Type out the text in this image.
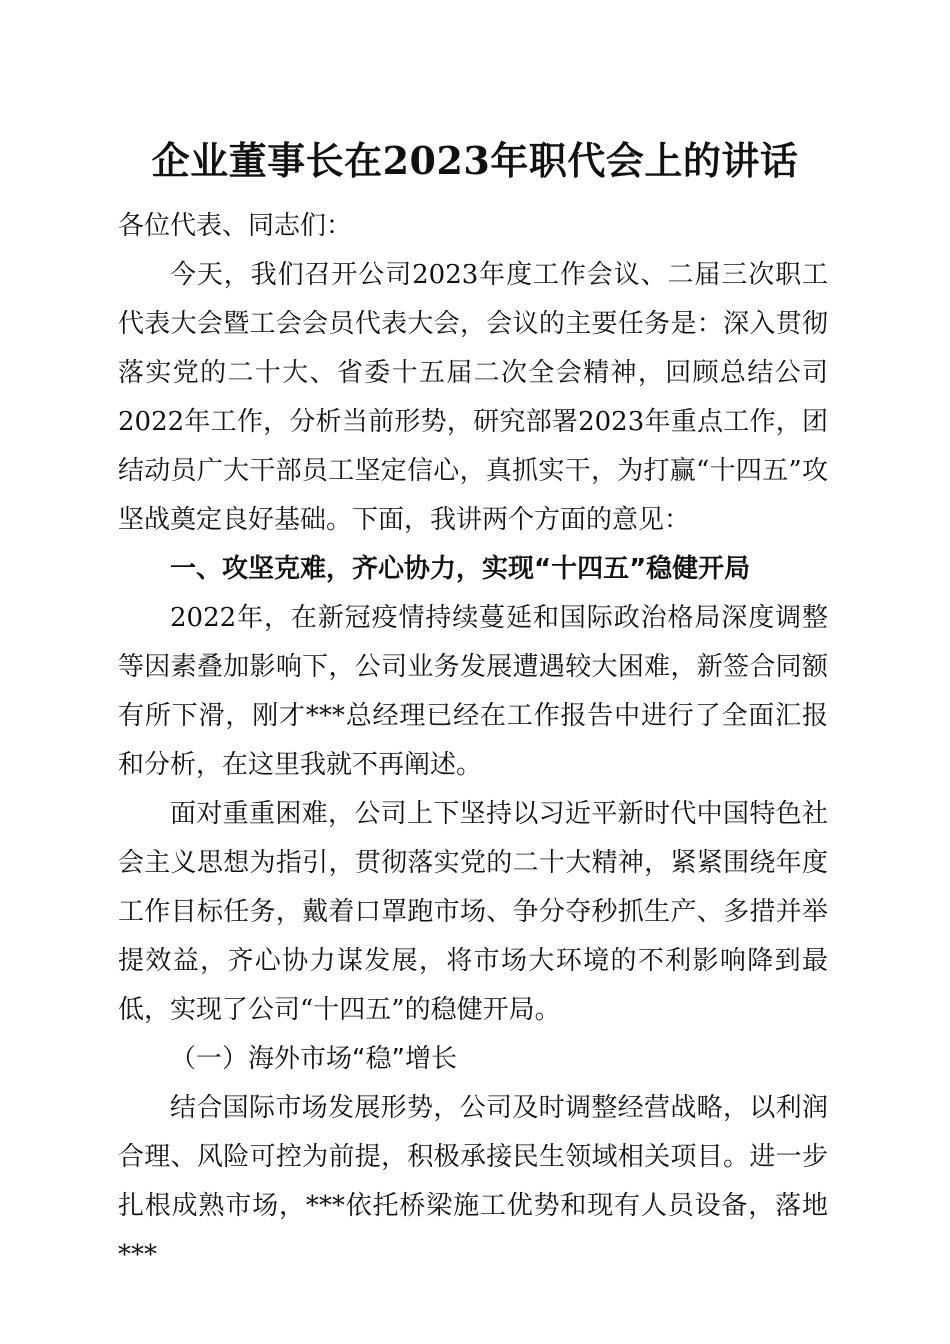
企业董事长在2023年职代会上的讲话

各位代表、同志们：

今天，我们召开公司2023年度工作会议、二届三次职工代表大会暨工会会员代表大会，会议的主要任务是：深入贯彻落实党的二十大、省委十五届二次全会精神，回顾总结公司2022年工作，分析当前形势，研究部署2023年重点工作，团结动员广大干部员工坚定信心，真抓实干，为打赢“十四五”攻坚战奠定良好基础。下面，我讲两个方面的意见：

一、攻坚克难，齐心协力，实现“十四五”稳健开局

2022年，在新冠疫情持续蔓延和国际政治格局深度调整等因素叠加影响下，公司业务发展遭遇较大困难，新签合同额有所下滑，刚才***总经理已经在工作报告中进行了全面汇报和分析，在这里我就不再阐述。

面对重重困难，公司上下坚持以习近平新时代中国特色社会主义思想为指引，贯彻落实党的二十大精神，紧紧围绕年度工作目标任务，戴着口罩跑市场、争分夺秒抓生产、多措并举提效益，齐心协力谋发展，将市场大环境的不利影响降到最低，实现了公司“十四五”的稳健开局。

（一）海外市场“稳”增长

结合国际市场发展形势，公司及时调整经营战略，以利润合理、风险可控为前提，积极承接民生领域相关项目。进一步扎根成熟市场，***依托桥梁施工优势和现有人员设备，落地***
